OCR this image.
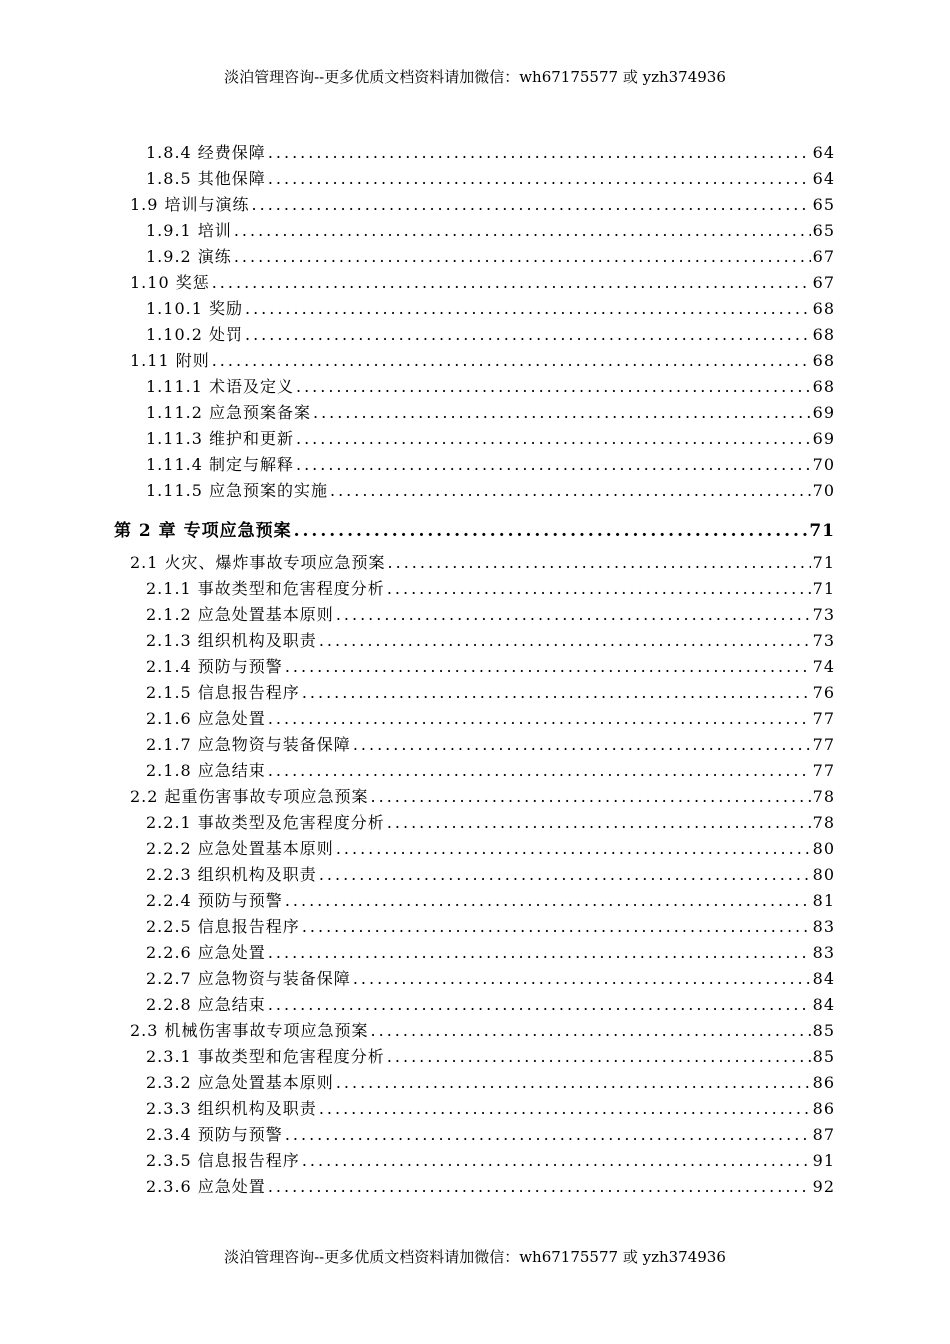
淡泊管理咨询--更多优质文档资料请加微信：wh67175577 或 yzh374936
1.8.4 经费保障 .....	64
1.8.5 其他保障 .....	64
1.9 培训与演练 .....	65
1.9.1 培训 .....	65
1.9.2 演练 .....	67
1.10 奖惩 .....	67
1.10.1 奖励 .....	68
1.10.2 处罚 .....	68
1.11 附则 .....	68
1.11.1 术语及定义 .....	68
1.11.2 应急预案备案 .....	69
1.11.3 维护和更新 .....	69
1.11.4 制定与解释 .....	70
1.11.5 应急预案的实施 .....	70
第 2 章 专项应急预案 .....	71
2.1 火灾、爆炸事故专项应急预案 .....	71
2.1.1 事故类型和危害程度分析 .....	71
2.1.2 应急处置基本原则 .....	73
2.1.3 组织机构及职责 .....	73
2.1.4 预防与预警 .....	74
2.1.5 信息报告程序 .....	76
2.1.6 应急处置 .....	77
2.1.7 应急物资与装备保障 .....	77
2.1.8 应急结束 .....	77
2.2 起重伤害事故专项应急预案 .....	78
2.2.1 事故类型及危害程度分析 .....	78
2.2.2 应急处置基本原则 .....	80
2.2.3 组织机构及职责 .....	80
2.2.4 预防与预警 .....	81
2.2.5 信息报告程序 .....	83
2.2.6 应急处置 .....	83
2.2.7 应急物资与装备保障 .....	84
2.2.8 应急结束 .....	84
2.3 机械伤害事故专项应急预案 .....	85
2.3.1 事故类型和危害程度分析 .....	85
2.3.2 应急处置基本原则 .....	86
2.3.3 组织机构及职责 .....	86
2.3.4 预防与预警 .....	87
2.3.5 信息报告程序 .....	91
2.3.6 应急处置 .....	92
淡泊管理咨询--更多优质文档资料请加微信：wh67175577 或 yzh374936
